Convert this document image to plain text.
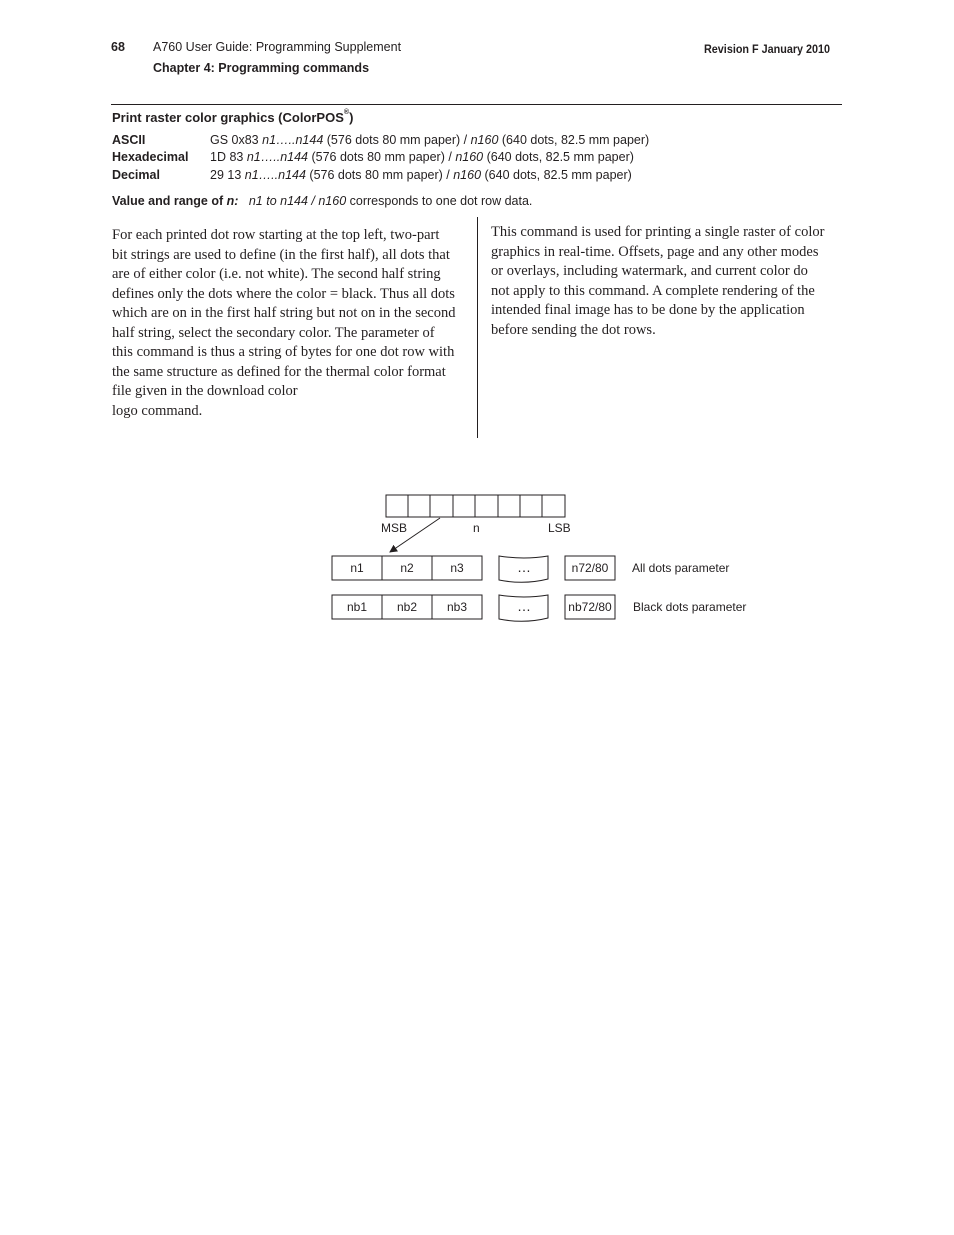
68 A760 User Guide: Programming Supplement
Chapter 4: Programming commands
Revision F January 2010
Print raster color graphics (ColorPOS®)
ASCII	GS 0x83 n1…..n144 (576 dots 80 mm paper) / n160 (640 dots, 82.5 mm paper)
Hexadecimal 1D 83 n1…..n144 (576 dots 80 mm paper) / n160 (640 dots, 82.5 mm paper)
Decimal	29 13 n1…..n144 (576 dots 80 mm paper) / n160 (640 dots, 82.5 mm paper)
Value and range of n: n1 to n144 / n160 corresponds to one dot row data.
For each printed dot row starting at the top left, two-part
bit strings are used to define (in the first half), all dots that
are of either color (i.e. not white). The second half string
defines only the dots where the color = black. Thus all dots
which are on in the first half string but not on in the second
half string, select the secondary color. The parameter of
this command is thus a string of bytes for one dot row with
the same structure as defined for the thermal color format
file given in the download color
logo command.
This command is used for printing a single raster of color
graphics in real-time. Offsets, page and any other modes
or overlays, including watermark, and current color do
not apply to this command. A complete rendering of the
intended final image has to be done by the application
before sending the dot rows.
MSB	n	LSB
n1	n2	n3	…	n72/80 All dots parameter
nb1 nb2 nb3	…	nb72/80 Black dots parameter
